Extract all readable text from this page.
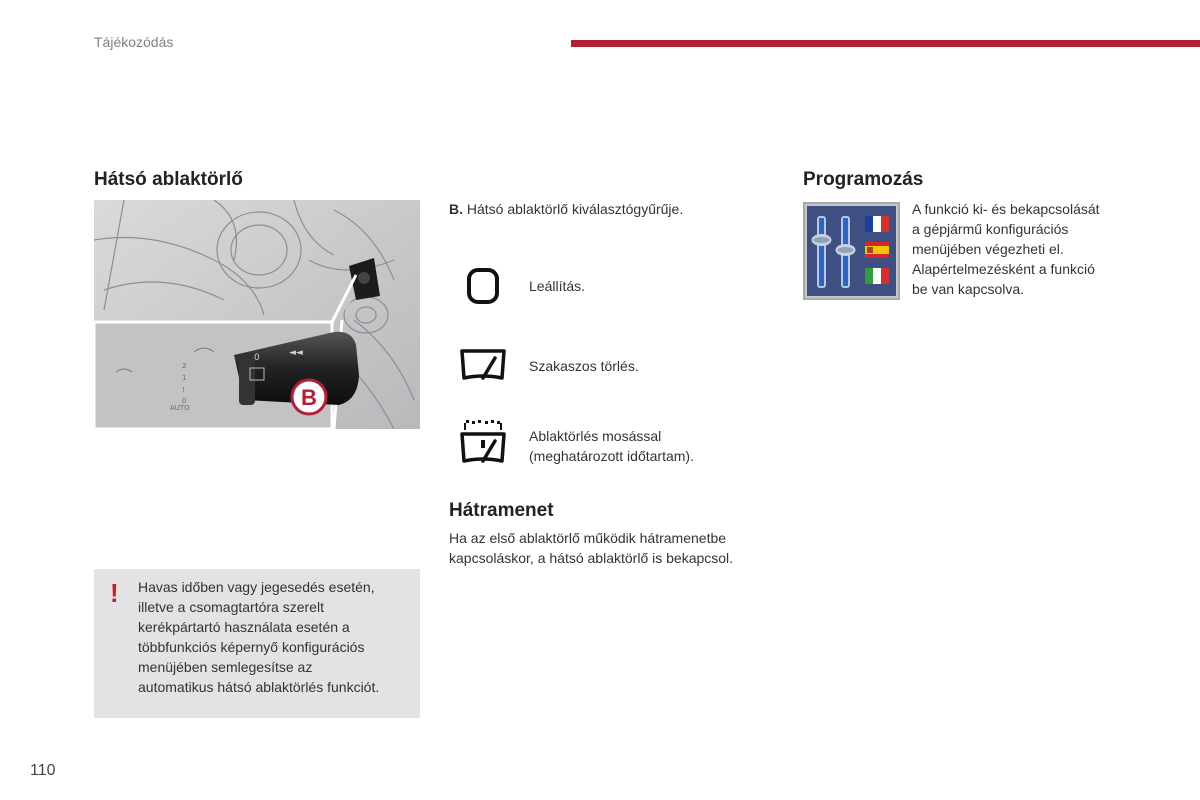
Tájékozódás
Hátsó ablaktörlő
2
1
!
0
AUTO
0	◄◄
B
! Havas időben vagy jegesedés esetén,
illetve a csomagtartóra szerelt
kerékpártartó használata esetén a
többfunkciós képernyő konfigurációs
menüjében semlegesítse az
automatikus hátsó ablaktörlés funkciót.
B. Hátsó ablaktörlő kiválasztógyűrűje.
Leállítás.
Szakaszos törlés.
Ablaktörlés mosással
(meghatározott időtartam).
Hátramenet
Ha az első ablaktörlő működik hátramenetbe
kapcsoláskor, a hátsó ablaktörlő is bekapcsol.
Programozás
A funkció ki- és bekapcsolását
a gépjármű konfigurációs
menüjében végezheti el.
Alapértelmezésként a funkció
be van kapcsolva.
110
